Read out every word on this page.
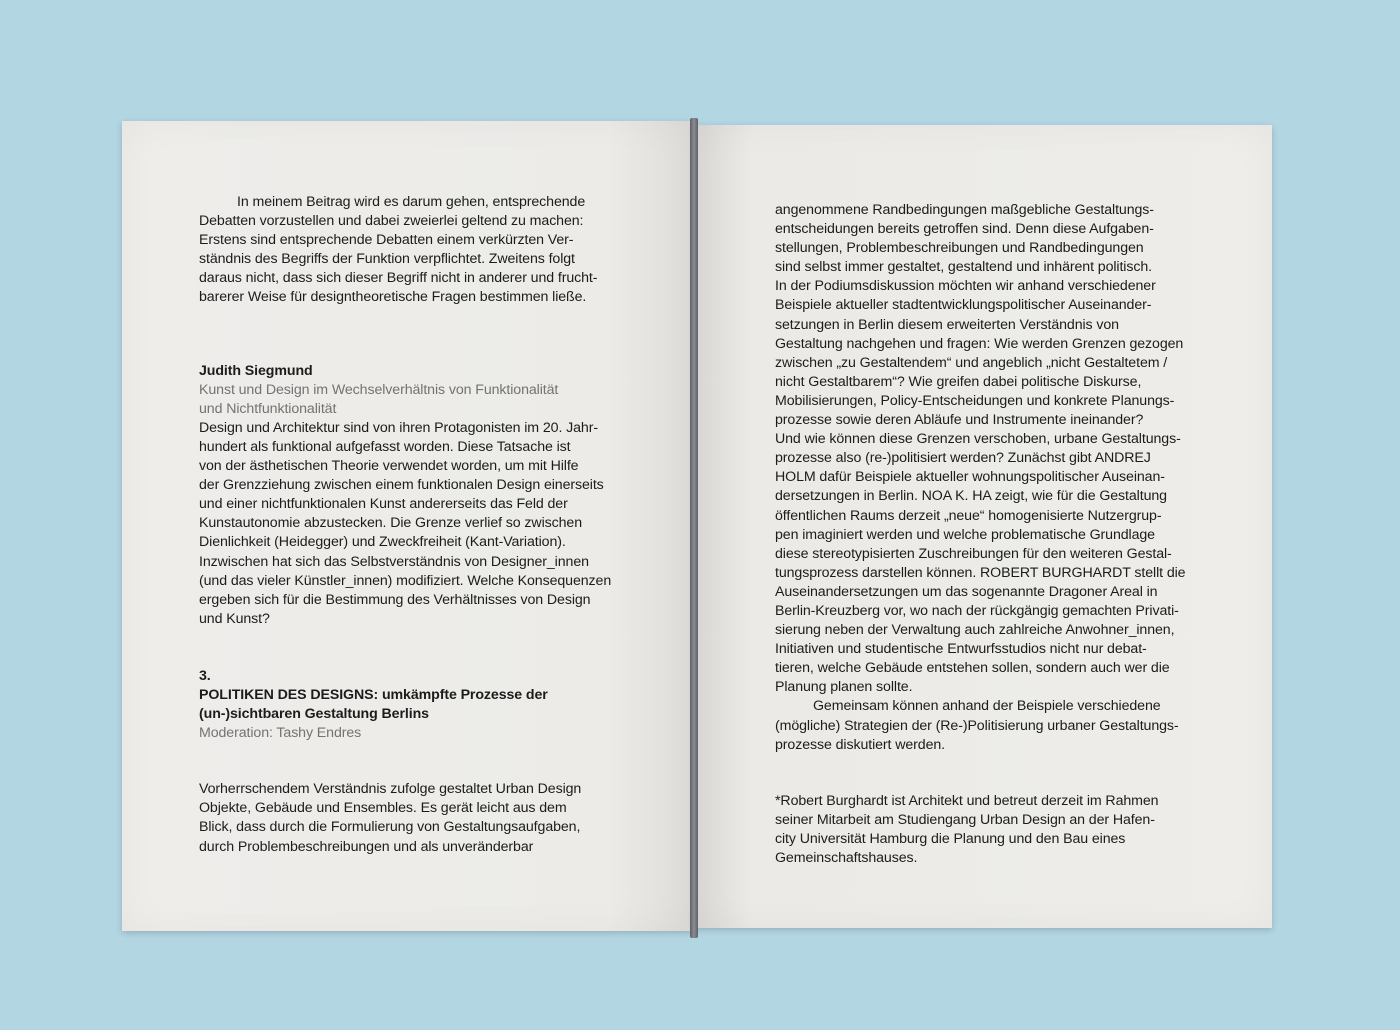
In meinem Beitrag wird es darum gehen, entsprechende
Debatten vorzustellen und dabei zweierlei geltend zu machen:
Erstens sind entsprechende Debatten einem verkürzten Ver-
ständnis des Begriffs der Funktion verpflichtet. Zweitens folgt
daraus nicht, dass sich dieser Begriff nicht in anderer und frucht-
barerer Weise für designtheoretische Fragen bestimmen ließe.
Judith Siegmund
Kunst und Design im Wechselverhältnis von Funktionalität
und Nichtfunktionalität
Design und Architektur sind von ihren Protagonisten im 20. Jahr-
hundert als funktional aufgefasst worden. Diese Tatsache ist
von der ästhetischen Theorie verwendet worden, um mit Hilfe
der Grenzziehung zwischen einem funktionalen Design einerseits
und einer nichtfunktionalen Kunst andererseits das Feld der
Kunstautonomie abzustecken. Die Grenze verlief so zwischen
Dienlichkeit (Heidegger) und Zweckfreiheit (Kant-Variation).
Inzwischen hat sich das Selbstverständnis von Designer_innen
(und das vieler Künstler_innen) modifiziert. Welche Konsequenzen
ergeben sich für die Bestimmung des Verhältnisses von Design
und Kunst?
3.
POLITIKEN DES DESIGNS: umkämpfte Prozesse der
(un-)sichtbaren Gestaltung Berlins
Moderation: Tashy Endres
Vorherrschendem Verständnis zufolge gestaltet Urban Design
Objekte, Gebäude und Ensembles. Es gerät leicht aus dem
Blick, dass durch die Formulierung von Gestaltungsaufgaben,
durch Problembeschreibungen und als unveränderbar
angenommene Randbedingungen maßgebliche Gestaltungs-
entscheidungen bereits getroffen sind. Denn diese Aufgaben-
stellungen, Problembeschreibungen und Randbedingungen
sind selbst immer gestaltet, gestaltend und inhärent politisch.
In der Podiumsdiskussion möchten wir anhand verschiedener
Beispiele aktueller stadtentwicklungspolitischer Auseinander-
setzungen in Berlin diesem erweiterten Verständnis von
Gestaltung nachgehen und fragen: Wie werden Grenzen gezogen
zwischen „zu Gestaltendem“ und angeblich „nicht Gestaltetem /
nicht Gestaltbarem“? Wie greifen dabei politische Diskurse,
Mobilisierungen, Policy-Entscheidungen und konkrete Planungs-
prozesse sowie deren Abläufe und Instrumente ineinander?
Und wie können diese Grenzen verschoben, urbane Gestaltungs-
prozesse also (re-)politisiert werden? Zunächst gibt ANDREJ
HOLM dafür Beispiele aktueller wohnungspolitischer Auseinan-
dersetzungen in Berlin. NOA K. HA zeigt, wie für die Gestaltung
öffentlichen Raums derzeit „neue“ homogenisierte Nutzergrup-
pen imaginiert werden und welche problematische Grundlage
diese stereotypisierten Zuschreibungen für den weiteren Gestal-
tungsprozess darstellen können. ROBERT BURGHARDT stellt die
Auseinandersetzungen um das sogenannte Dragoner Areal in
Berlin-Kreuzberg vor, wo nach der rückgängig gemachten Privati-
sierung neben der Verwaltung auch zahlreiche Anwohner_innen,
Initiativen und studentische Entwurfsstudios nicht nur debat-
tieren, welche Gebäude entstehen sollen, sondern auch wer die
Planung planen sollte.
Gemeinsam können anhand der Beispiele verschiedene
(mögliche) Strategien der (Re-)Politisierung urbaner Gestaltungs-
prozesse diskutiert werden.
*Robert Burghardt ist Architekt und betreut derzeit im Rahmen
seiner Mitarbeit am Studiengang Urban Design an der Hafen-
city Universität Hamburg die Planung und den Bau eines
Gemeinschaftshauses.
